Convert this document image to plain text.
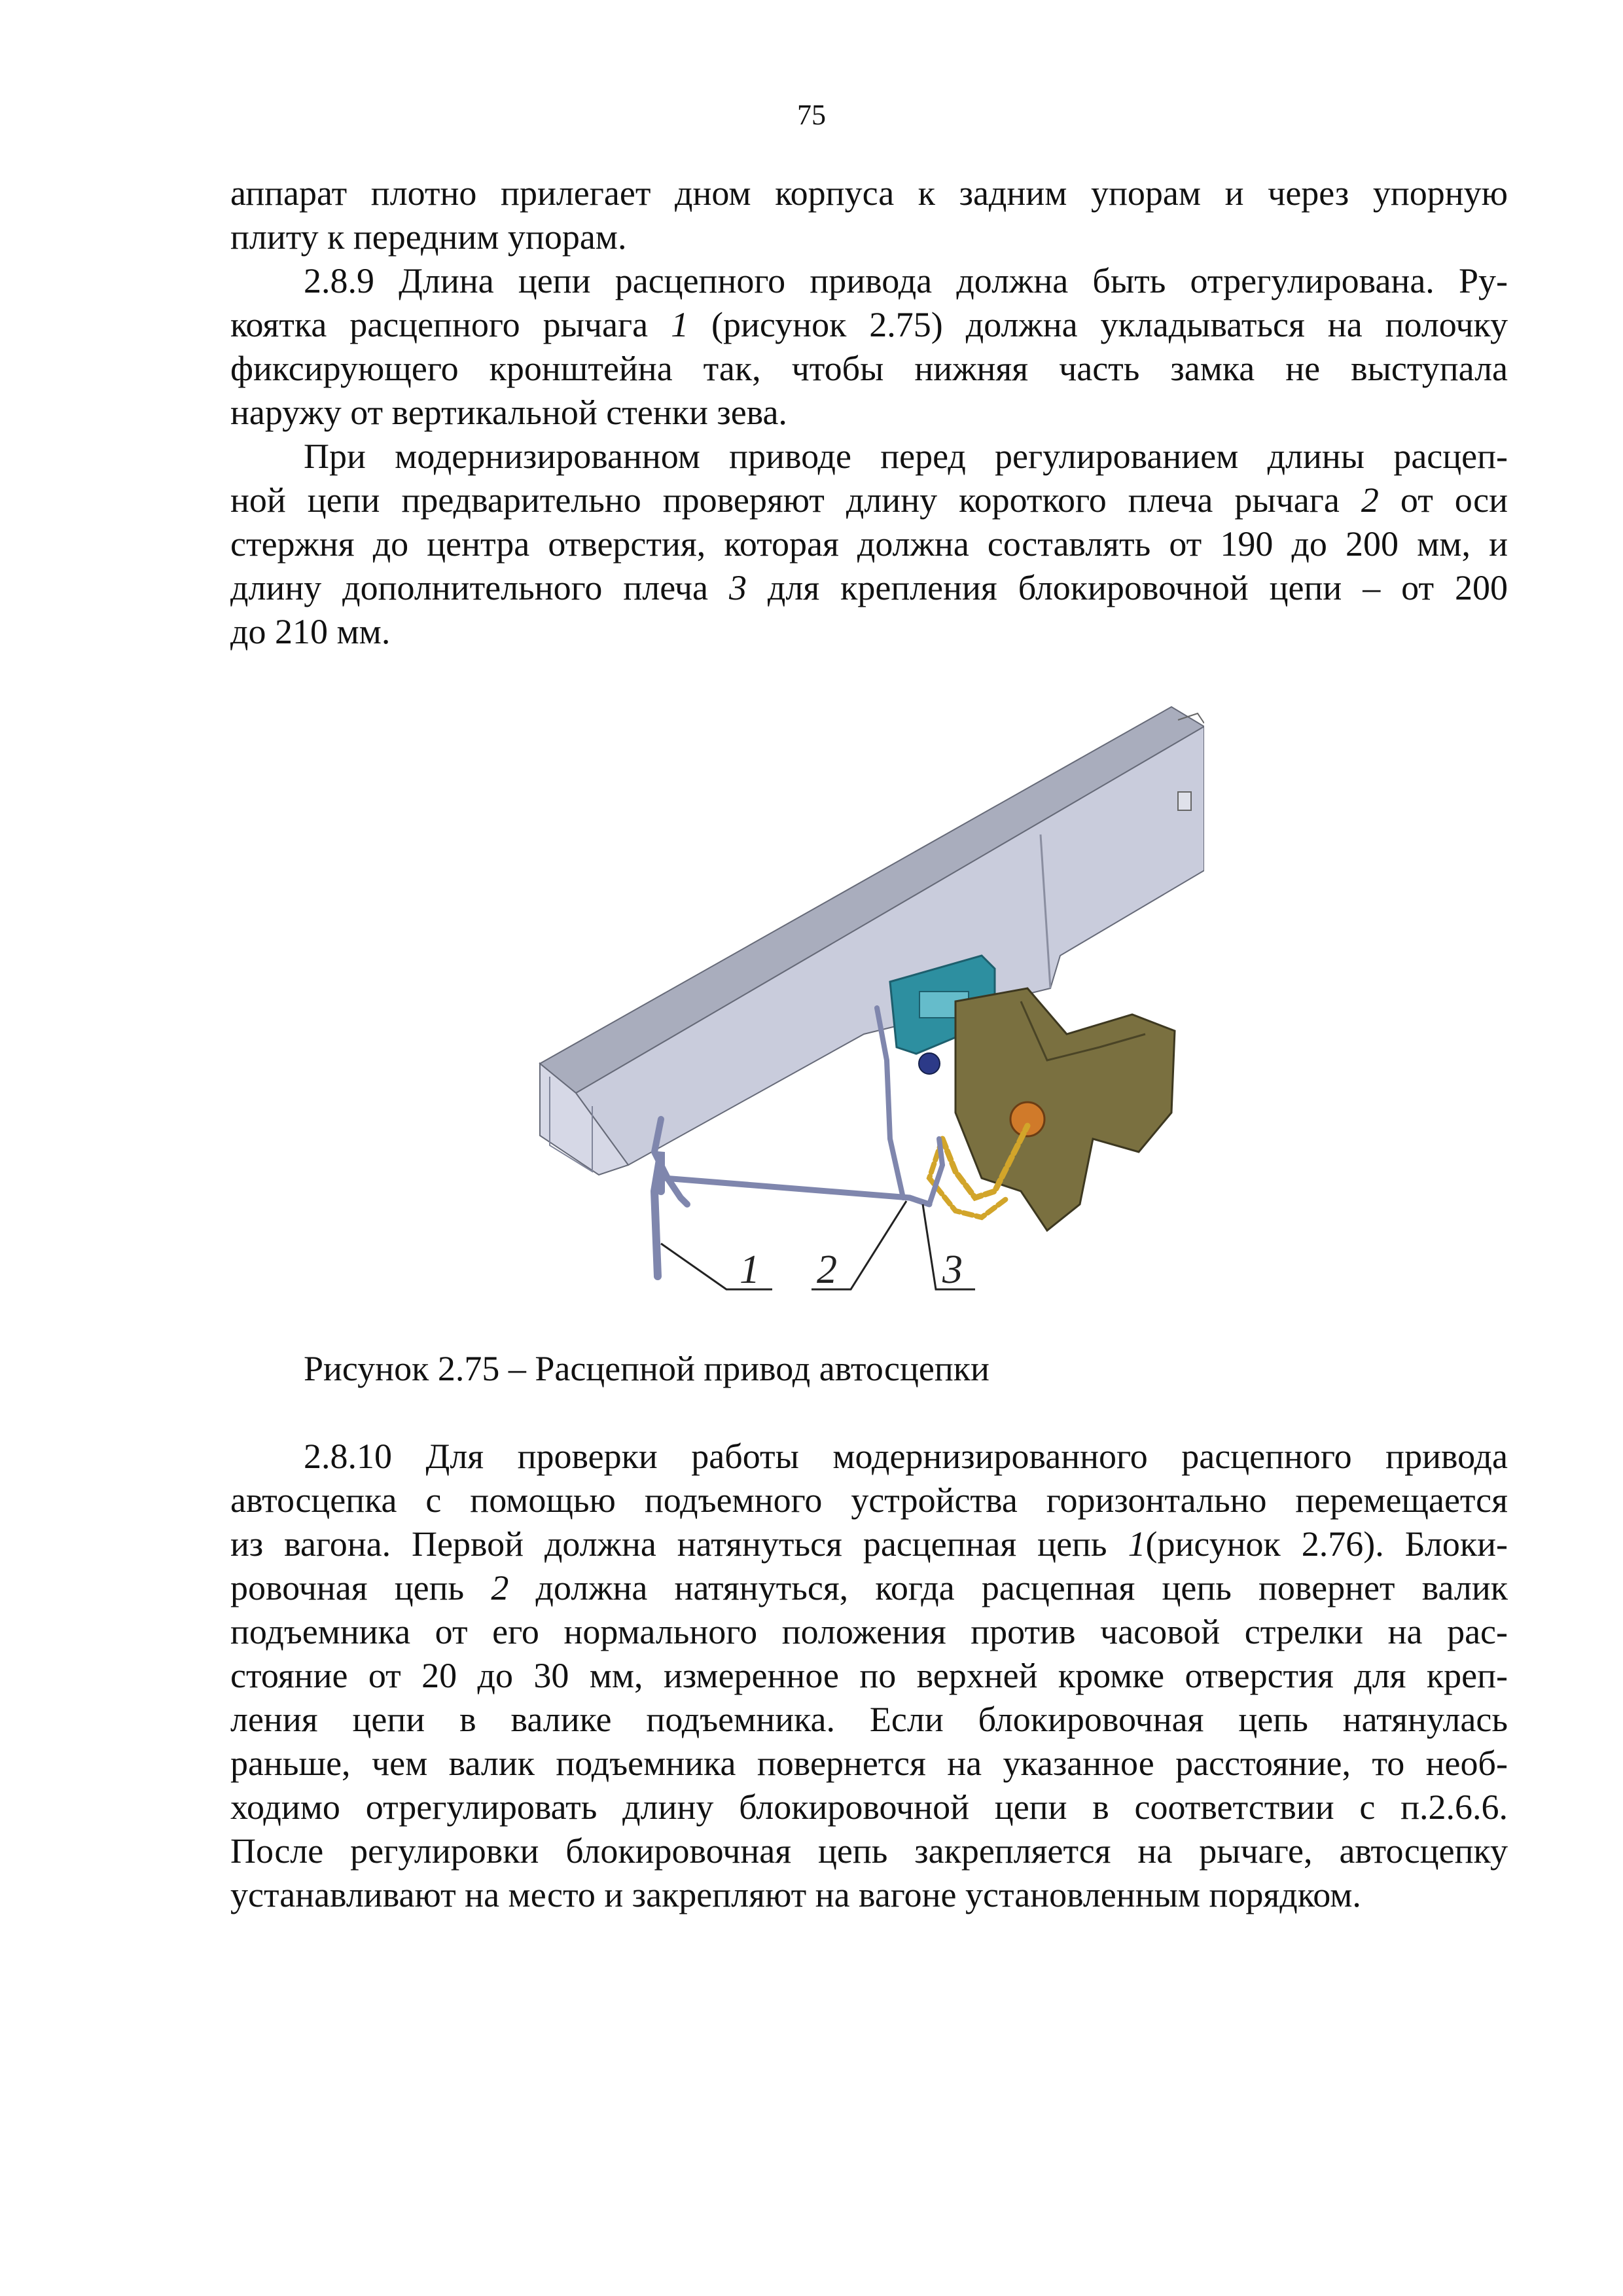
75
аппарат плотно прилегает дном корпуса к задним упорам и через упорную
плиту к передним упорам.
2.8.9 Длина цепи расцепного привода должна быть отрегулирована. Ру-
коятка расцепного рычага 1 (рисунок 2.75) должна укладываться на полочку
фиксирующего кронштейна так, чтобы нижняя часть замка не выступала
наружу от вертикальной стенки зева.
При модернизированном приводе перед регулированием длины расцеп-
ной цепи предварительно проверяют длину короткого плеча рычага 2 от оси
стержня до центра отверстия, которая должна составлять от 190 до 200 мм, и
длину дополнительного плеча 3 для крепления блокировочной цепи – от 200
до 210 мм.
1 2	3
Рисунок 2.75 – Расцепной привод автосцепки
2.8.10 Для проверки работы модернизированного расцепного привода
автосцепка с помощью подъемного устройства горизонтально перемещается
из вагона. Первой должна натянуться расцепная цепь 1(рисунок 2.76). Блоки-
ровочная цепь 2 должна натянуться, когда расцепная цепь повернет валик
подъемника от его нормального положения против часовой стрелки на рас-
стояние от 20 до 30 мм, измеренное по верхней кромке отверстия для креп-
ления цепи в валике подъемника. Если блокировочная цепь натянулась
раньше, чем валик подъемника повернется на указанное расстояние, то необ-
ходимо отрегулировать длину блокировочной цепи в соответствии с п.2.6.6.
После регулировки блокировочная цепь закрепляется на рычаге, автосцепку
устанавливают на место и закрепляют на вагоне установленным порядком.
